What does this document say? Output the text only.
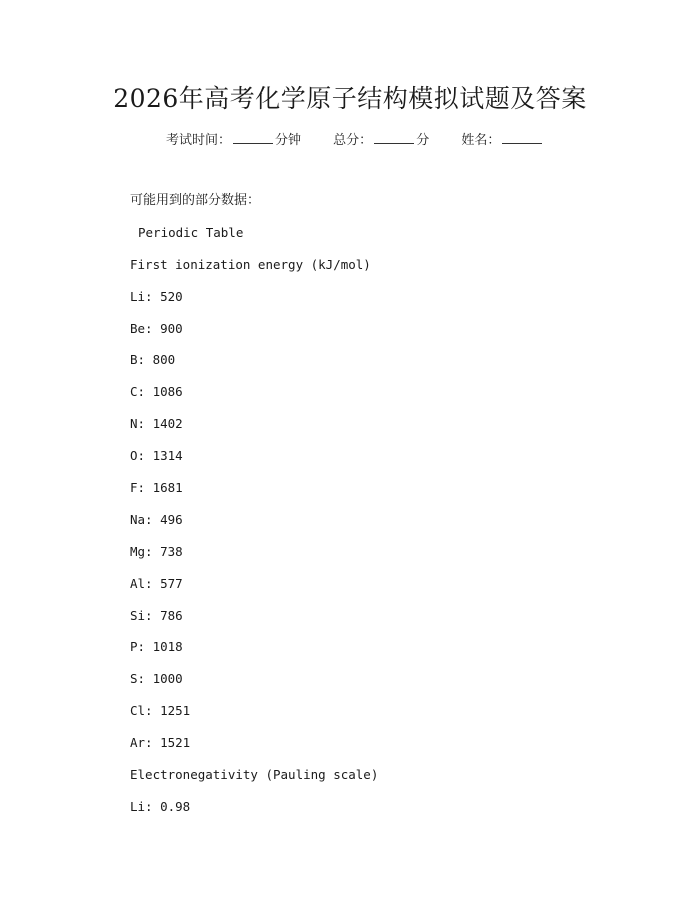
2026年高考化学原子结构模拟试题及答案
考试时间：	分钟 总分：	分 姓名：
可能用到的部分数据：
Periodic Table
First ionization energy (kJ/mol)
Li: 520
Be: 900
B: 800
C: 1086
N: 1402
O: 1314
F: 1681
Na: 496
Mg: 738
Al: 577
Si: 786
P: 1018
S: 1000
Cl: 1251
Ar: 1521
Electronegativity (Pauling scale)
Li: 0.98
